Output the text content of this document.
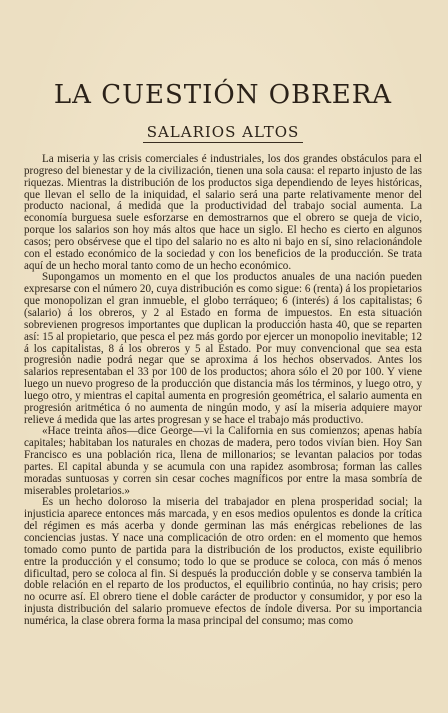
LA CUESTIÓN OBRERA
SALARIOS ALTOS

La miseria y las crisis comerciales é industriales, los dos grandes obstáculos para el progreso del bienestar y de la civilización, tienen una sola causa: el reparto injusto de las riquezas. Mientras la distribución de los productos siga dependiendo de leyes históricas, que llevan el sello de la iniquidad, el salario será una parte relativamente menor del producto nacional, á medida que la productividad del trabajo social aumenta. La economía burguesa suele esforzarse en demostrarnos que el obrero se queja de vicio, porque los salarios son hoy más altos que hace un siglo. El hecho es cierto en algunos casos; pero obsérvese que el tipo del salario no es alto ni bajo en sí, sino relacionándole con el estado económico de la sociedad y con los beneficios de la producción. Se trata aquí de un hecho moral tanto como de un hecho económico.

Supongamos un momento en el que los productos anuales de una nación pueden expresarse con el número 20, cuya distribución es como sigue: 6 (renta) á los propietarios que monopolizan el gran inmueble, el globo terráqueo; 6 (interés) á los capitalistas; 6 (salario) á los obreros, y 2 al Estado en forma de impuestos. En esta situación sobrevienen progresos importantes que duplican la producción hasta 40, que se reparten así: 15 al propietario, que pesca el pez más gordo por ejercer un monopolio inevitable; 12 á los capitalistas, 8 á los obreros y 5 al Estado. Por muy convencional que sea esta progresión nadie podrá negar que se aproxima á los hechos observados. Antes los salarios representaban el 33 por 100 de los productos; ahora sólo el 20 por 100. Y viene luego un nuevo progreso de la producción que distancia más los términos, y luego otro, y luego otro, y mientras el capital aumenta en progresión geométrica, el salario aumenta en progresión aritmética ó no aumenta de ningún modo, y así la miseria adquiere mayor relieve á medida que las artes progresan y se hace el trabajo más productivo.

«Hace treinta años—dice George—vi la California en sus comienzos; apenas había capitales; habitaban los naturales en chozas de madera, pero todos vivían bien. Hoy San Francisco es una población rica, llena de millonarios; se levantan palacios por todas partes. El capital abunda y se acumula con una rapidez asombrosa; forman las calles moradas suntuosas y corren sin cesar coches magníficos por entre la masa sombría de miserables proletarios.»

Es un hecho doloroso la miseria del trabajador en plena prosperidad social; la injusticia aparece entonces más marcada, y en esos medios opulentos es donde la crítica del régimen es más acerba y donde germinan las más enérgicas rebeliones de las conciencias justas. Y nace una complicación de otro orden: en el momento que hemos tomado como punto de partida para la distribución de los productos, existe equilibrio entre la producción y el consumo; todo lo que se produce se coloca, con más ó menos dificultad, pero se coloca al fin. Si después la producción doble y se conserva también la doble relación en el reparto de los productos, el equilibrio continúa, no hay crisis; pero no ocurre así. El obrero tiene el doble carácter de productor y consumidor, y por eso la injusta distribución del salario promueve efectos de índole diversa. Por su importancia numérica, la clase obrera forma la masa principal del consumo; mas como
